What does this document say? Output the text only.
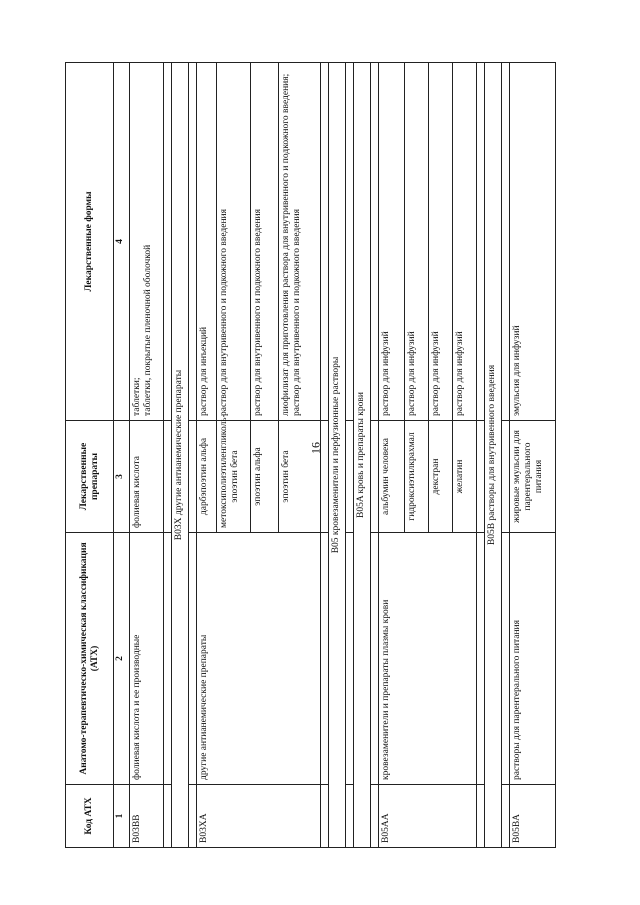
16
Код АТХ	Анатомо-терапевтическо-химическая классификация (АТХ)	Лекарственные препараты	Лекарственные формы
1	2	3	4
B03BB	фолиевая кислота и ее производные	фолиевая кислота	таблетки;
таблетки, покрытые пленочной оболочкой

B03X другие антианемические препараты			

B03XA	другие антианемические препараты	дарбэпоэтин альфа	раствор для инъекций
		метоксиполиэтиленгликоль-эпоэтин бета	раствор для внутривенного и подкожного введения
		эпоэтин альфа	раствор для внутривенного и подкожного введения
		эпоэтин бета	лиофилизат для приготовления раствора для внутривенного и подкожного введения;
раствор для внутривенного и подкожного введения

B05 кровезаменители и перфузионные растворы			

B05A кровь и препараты крови			

B05AA	кровезаменители и препараты плазмы крови	альбумин человека	раствор для инфузий
		гидроксиэтилкрахмал	раствор для инфузий
		декстран	раствор для инфузий
		желатин	раствор для инфузий

B05B растворы для внутривенного введения			

B05BA	растворы для парентерального питания	жировые эмульсии для парентерального питания	эмульсия для инфузий
